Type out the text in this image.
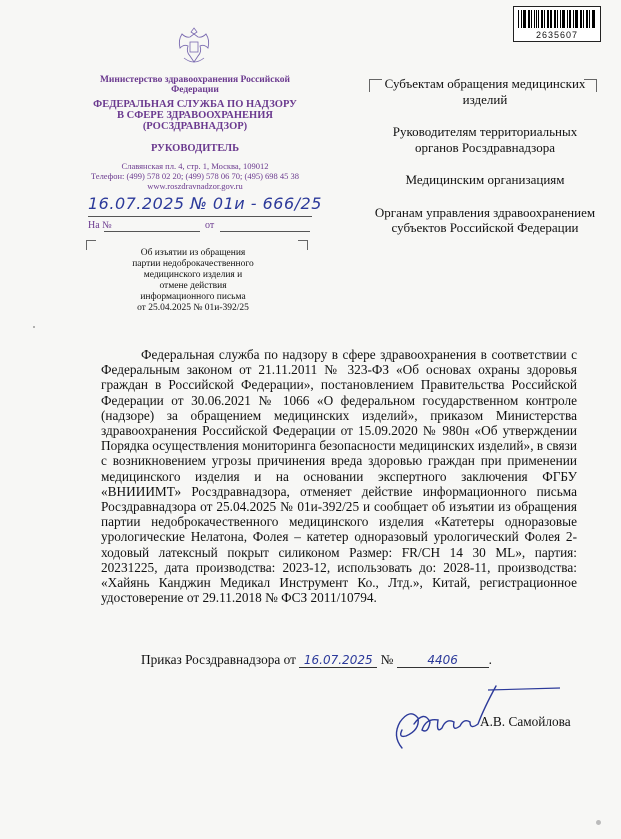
2635607
Министерство здравоохранения Российской Федерации
ФЕДЕРАЛЬНАЯ СЛУЖБА ПО НАДЗОРУ
В СФЕРЕ ЗДРАВООХРАНЕНИЯ
(РОСЗДРАВНАДЗОР)
РУКОВОДИТЕЛЬ
Славянская пл. 4, стр. 1, Москва, 109012
Телефон: (499) 578 02 20; (499) 578 06 70; (495) 698 45 38
www.roszdravnadzor.gov.ru
16.07.2025 № 01и - 666/25
На №	от
Об изъятии из обращения
партии недоброкачественного
медицинского изделия и
отмене действия
информационного письма
от 25.04.2025 № 01и-392/25
Субъектам обращения медицинских изделий
Руководителям территориальных органов Росздравнадзора
Медицинским организациям
Органам управления здравоохранением субъектов Российской Федерации

Федеральная служба по надзору в сфере здравоохранения в соответствии с Федеральным законом от 21.11.2011 № 323-ФЗ «Об основах охраны здоровья граждан в Российской Федерации», постановлением Правительства Российской Федерации от 30.06.2021 № 1066 «О федеральном государственном контроле (надзоре) за обращением медицинских изделий», приказом Министерства здравоохранения Российской Федерации от 15.09.2020 № 980н «Об утверждении Порядка осуществления мониторинга безопасности медицинских изделий», в связи с возникновением угрозы причинения вреда здоровью граждан при применении медицинского изделия и на основании экспертного заключения ФГБУ «ВНИИИМТ» Росздравнадзора, отменяет действие информационного письма Росздравнадзора от 25.04.2025 № 01и-392/25 и сообщает об изъятии из обращения партии недоброкачественного медицинского изделия «Катетеры одноразовые урологические Нелатона, Фолея – катетер одноразовый урологический Фолея 2-ходовый латексный покрыт силиконом Размер: FR/CH 14 30 ML», партия: 20231225, дата производства: 2023-12, использовать до: 2028-11, производства: «Хайянь Канджин Медикал Инструмент Ко., Лтд.», Китай, регистрационное удостоверение от 29.11.2018 № ФСЗ 2011/10794.

Приказ Росздравнадзора от 16.07.2025 №	4406 .
А.В. Самойлова
